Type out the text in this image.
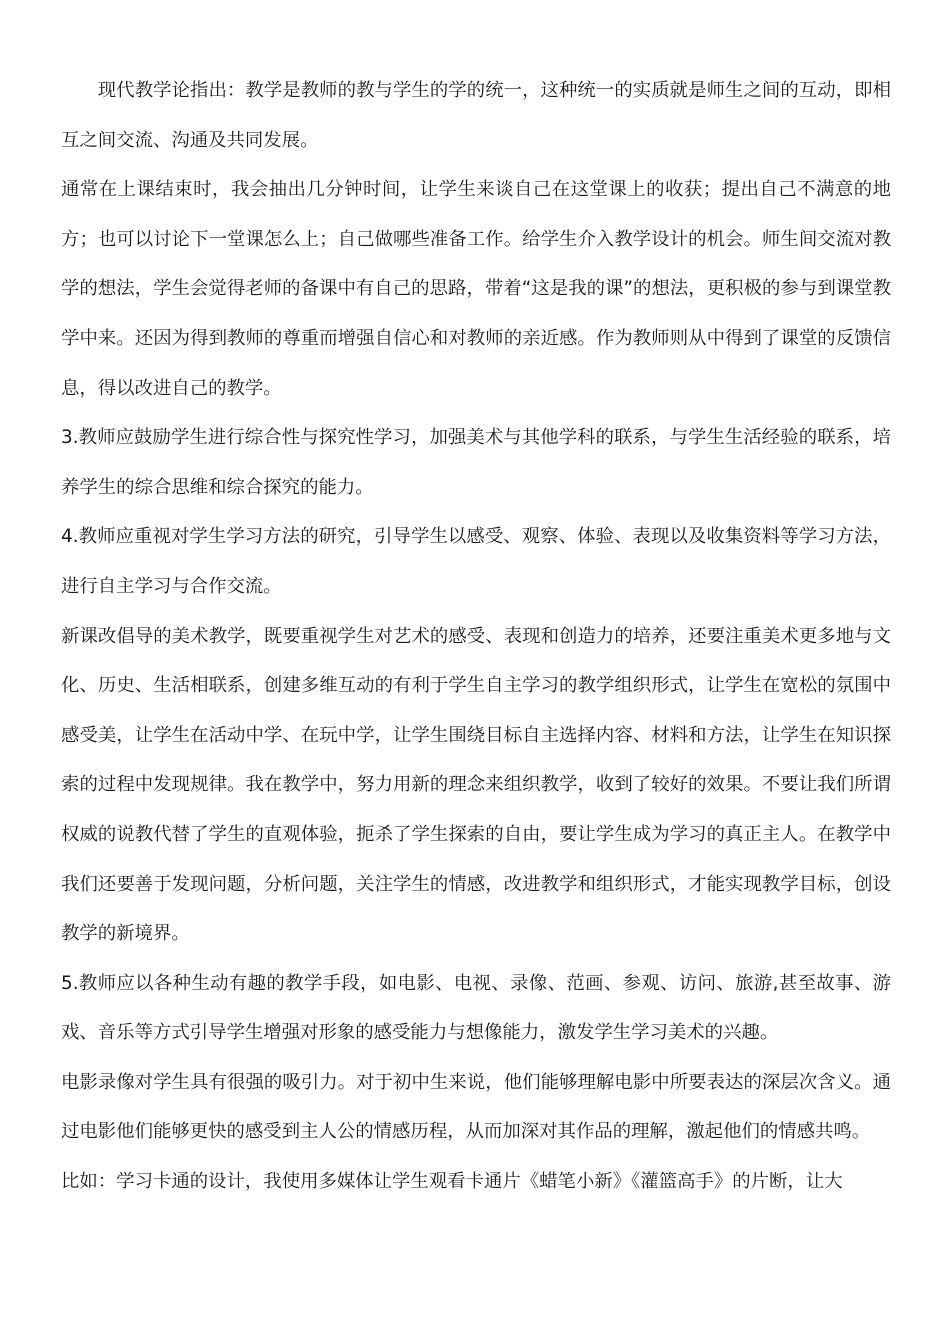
现代教学论指出：教学是教师的教与学生的学的统一，这种统一的实质就是师生之间的互动，即相互之间交流、沟通及共同发展。

通常在上课结束时，我会抽出几分钟时间，让学生来谈自己在这堂课上的收获；提出自己不满意的地方；也可以讨论下一堂课怎么上；自己做哪些准备工作。给学生介入教学设计的机会。师生间交流对教学的想法，学生会觉得老师的备课中有自己的思路，带着“这是我的课”的想法，更积极的参与到课堂教学中来。还因为得到教师的尊重而增强自信心和对教师的亲近感。作为教师则从中得到了课堂的反馈信息，得以改进自己的教学。

3.教师应鼓励学生进行综合性与探究性学习，加强美术与其他学科的联系，与学生生活经验的联系，培养学生的综合思维和综合探究的能力。

4.教师应重视对学生学习方法的研究，引导学生以感受、观察、体验、表现以及收集资料等学习方法，进行自主学习与合作交流。

新课改倡导的美术教学，既要重视学生对艺术的感受、表现和创造力的培养，还要注重美术更多地与文化、历史、生活相联系，创建多维互动的有利于学生自主学习的教学组织形式，让学生在宽松的氛围中感受美，让学生在活动中学、在玩中学，让学生围绕目标自主选择内容、材料和方法，让学生在知识探索的过程中发现规律。我在教学中，努力用新的理念来组织教学，收到了较好的效果。不要让我们所谓权威的说教代替了学生的直观体验，扼杀了学生探索的自由，要让学生成为学习的真正主人。在教学中我们还要善于发现问题，分析问题，关注学生的情感，改进教学和组织形式，才能实现教学目标，创设教学的新境界。

5.教师应以各种生动有趣的教学手段，如电影、电视、录像、范画、参观、访问、旅游,甚至故事、游戏、音乐等方式引导学生增强对形象的感受能力与想像能力，激发学生学习美术的兴趣。

电影录像对学生具有很强的吸引力。对于初中生来说，他们能够理解电影中所要表达的深层次含义。通过电影他们能够更快的感受到主人公的情感历程，从而加深对其作品的理解，激起他们的情感共鸣。

比如：学习卡通的设计，我使用多媒体让学生观看卡通片《蜡笔小新》《灌篮高手》的片断，让大
